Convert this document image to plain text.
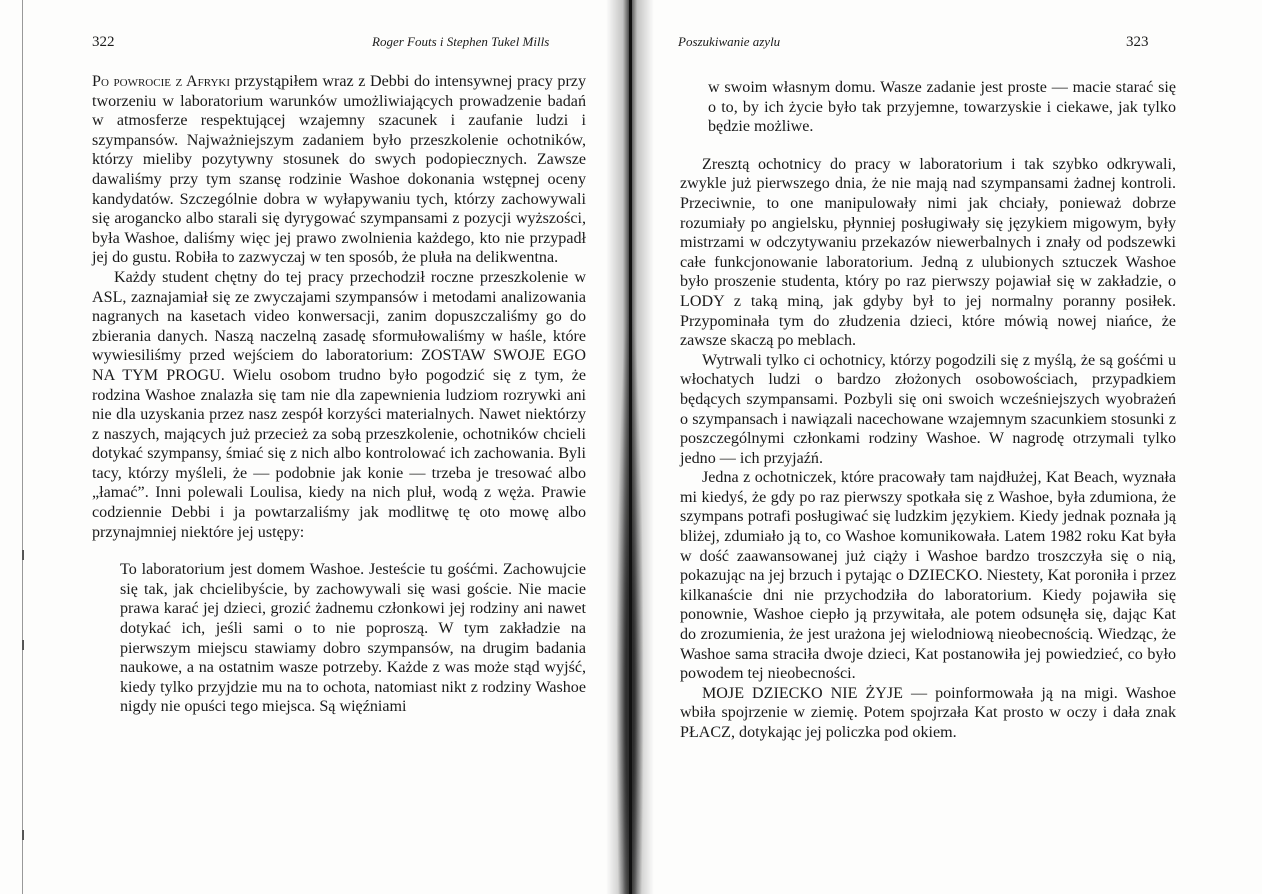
322	Roger Fouts i Stephen Tukel Mills

Po powrocie z Afryki przystąpiłem wraz z Debbi do intensywnej pracy przy tworzeniu w laboratorium warunków umożliwiających prowadzenie badań w atmosferze respektującej wzajemny szacunek i zaufanie ludzi i szympansów. Najważniejszym zadaniem było przeszkolenie ochotników, którzy mieliby pozytywny stosunek do swych podopiecznych. Zawsze dawaliśmy przy tym szansę rodzinie Washoe dokonania wstępnej oceny kandydatów. Szczególnie dobra w wyłapywaniu tych, którzy zachowywali się arogancko albo starali się dyrygować szympansami z pozycji wyższości, była Washoe, daliśmy więc jej prawo zwolnienia każdego, kto nie przypadł jej do gustu. Robiła to zazwyczaj w ten sposób, że pluła na delikwentna.

Każdy student chętny do tej pracy przechodził roczne przeszkolenie w ASL, zaznajamiał się ze zwyczajami szympansów i metodami analizowania nagranych na kasetach video konwersacji, zanim dopuszczaliśmy go do zbierania danych. Naszą naczelną zasadę sformułowaliśmy w haśle, które wywiesiliśmy przed wejściem do laboratorium: ZOSTAW SWOJE EGO NA TYM PROGU. Wielu osobom trudno było pogodzić się z tym, że rodzina Washoe znalazła się tam nie dla zapewnienia ludziom rozrywki ani nie dla uzyskania przez nasz zespół korzyści materialnych. Nawet niektórzy z naszych, mających już przecież za sobą przeszkolenie, ochotników chcieli dotykać szympansy, śmiać się z nich albo kontrolować ich zachowania. Byli tacy, którzy myśleli, że — podobnie jak konie — trzeba je tresować albo „łamać”. Inni polewali Loulisa, kiedy na nich pluł, wodą z węża. Prawie codziennie Debbi i ja powtarzaliśmy jak modlitwę tę oto mowę albo przynajmniej niektóre jej ustępy:

To laboratorium jest domem Washoe. Jesteście tu gośćmi. Zachowujcie się tak, jak chcielibyście, by zachowywali się wasi goście. Nie macie prawa karać jej dzieci, grozić żadnemu członkowi jej rodziny ani nawet dotykać ich, jeśli sami o to nie poproszą. W tym zakładzie na pierwszym miejscu stawiamy dobro szympansów, na drugim badania naukowe, a na ostatnim wasze potrzeby. Każde z was może stąd wyjść, kiedy tylko przyjdzie mu na to ochota, natomiast nikt z rodziny Washoe nigdy nie opuści tego miejsca. Są więźniami
Poszukiwanie azylu	323
w swoim własnym domu. Wasze zadanie jest proste — macie starać się o to, by ich życie było tak przyjemne, towarzyskie i ciekawe, jak tylko będzie możliwe.

Zresztą ochotnicy do pracy w laboratorium i tak szybko odkrywali, zwykle już pierwszego dnia, że nie mają nad szympansami żadnej kontroli. Przeciwnie, to one manipulowały nimi jak chciały, ponieważ dobrze rozumiały po angielsku, płynniej posługiwały się językiem migowym, były mistrzami w odczytywaniu przekazów niewerbalnych i znały od podszewki całe funkcjonowanie laboratorium. Jedną z ulubionych sztuczek Washoe było proszenie studenta, który po raz pierwszy pojawiał się w zakładzie, o LODY z taką miną, jak gdyby był to jej normalny poranny posiłek. Przypominała tym do złudzenia dzieci, które mówią nowej niańce, że zawsze skaczą po meblach.

Wytrwali tylko ci ochotnicy, którzy pogodzili się z myślą, że są gośćmi u włochatych ludzi o bardzo złożonych osobowościach, przypadkiem będących szympansami. Pozbyli się oni swoich wcześniejszych wyobrażeń o szympansach i nawiązali nacechowane wzajemnym szacunkiem stosunki z poszczególnymi członkami rodziny Washoe. W nagrodę otrzymali tylko jedno — ich przyjaźń.

Jedna z ochotniczek, które pracowały tam najdłużej, Kat Beach, wyznała mi kiedyś, że gdy po raz pierwszy spotkała się z Washoe, była zdumiona, że szympans potrafi posługiwać się ludzkim językiem. Kiedy jednak poznała ją bliżej, zdumiało ją to, co Washoe komunikowała. Latem 1982 roku Kat była w dość zaawansowanej już ciąży i Washoe bardzo troszczyła się o nią, pokazując na jej brzuch i pytając o DZIECKO. Niestety, Kat poroniła i przez kilkanaście dni nie przychodziła do laboratorium. Kiedy pojawiła się ponownie, Washoe ciepło ją przywitała, ale potem odsunęła się, dając Kat do zrozumienia, że jest urażona jej wielodniową nieobecnością. Wiedząc, że Washoe sama straciła dwoje dzieci, Kat postanowiła jej powiedzieć, co było powodem tej nieobecności.

MOJE DZIECKO NIE ŻYJE — poinformowała ją na migi. Washoe wbiła spojrzenie w ziemię. Potem spojrzała Kat prosto w oczy i dała znak PŁACZ, dotykając jej policzka pod okiem.
